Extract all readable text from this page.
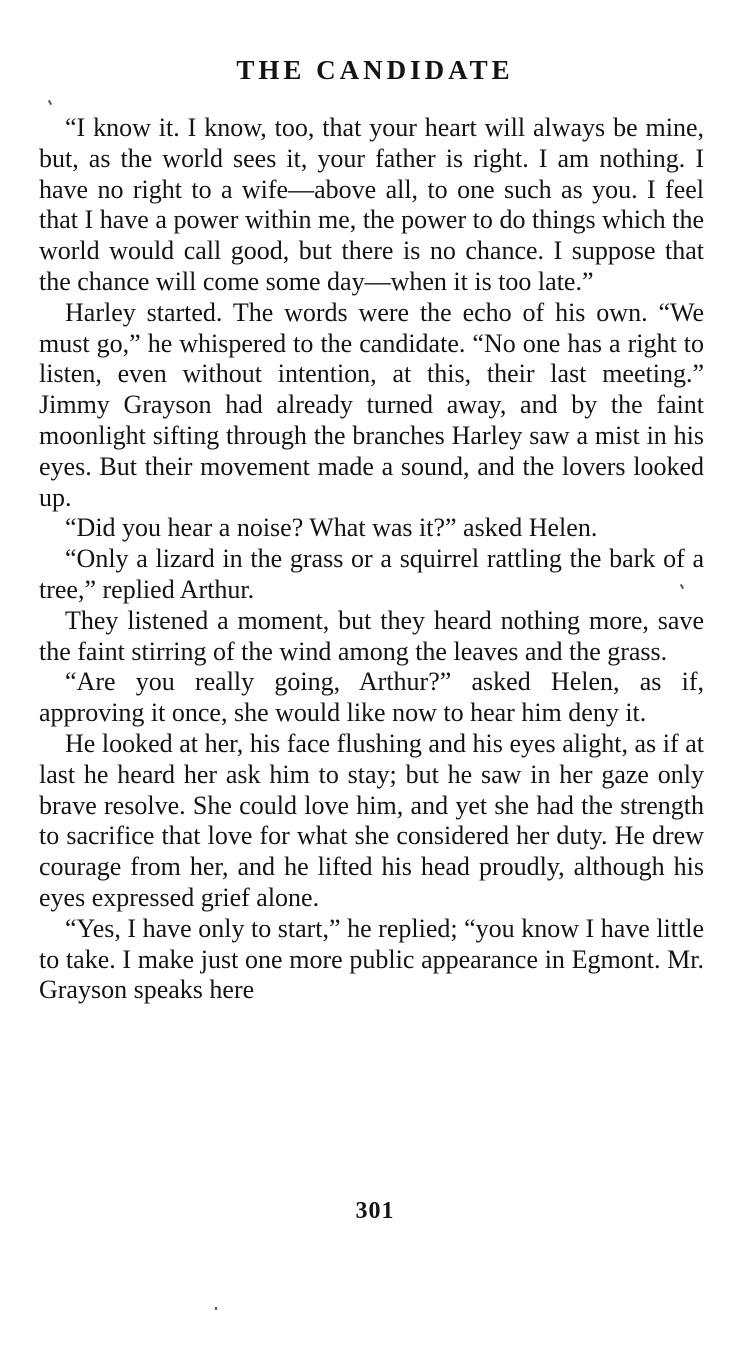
THE CANDIDATE

“I know it. I know, too, that your heart will always be mine, but, as the world sees it, your father is right. I am nothing. I have no right to a wife—above all, to one such as you. I feel that I have a power within me, the power to do things which the world would call good, but there is no chance. I suppose that the chance will come some day—when it is too late.”

Harley started. The words were the echo of his own. “We must go,” he whispered to the candidate. “No one has a right to listen, even without intention, at this, their last meeting.” Jimmy Grayson had already turned away, and by the faint moonlight sifting through the branches Harley saw a mist in his eyes. But their movement made a sound, and the lovers looked up.

“Did you hear a noise? What was it?” asked Helen.

“Only a lizard in the grass or a squirrel rattling the bark of a tree,” replied Arthur.

They listened a moment, but they heard nothing more, save the faint stirring of the wind among the leaves and the grass.

“Are you really going, Arthur?” asked Helen, as if, approving it once, she would like now to hear him deny it.

He looked at her, his face flushing and his eyes alight, as if at last he heard her ask him to stay; but he saw in her gaze only brave resolve. She could love him, and yet she had the strength to sacrifice that love for what she considered her duty. He drew courage from her, and he lifted his head proudly, although his eyes expressed grief alone.

“Yes, I have only to start,” he replied; “you know I have little to take. I make just one more public appearance in Egmont. Mr. Grayson speaks here

301
